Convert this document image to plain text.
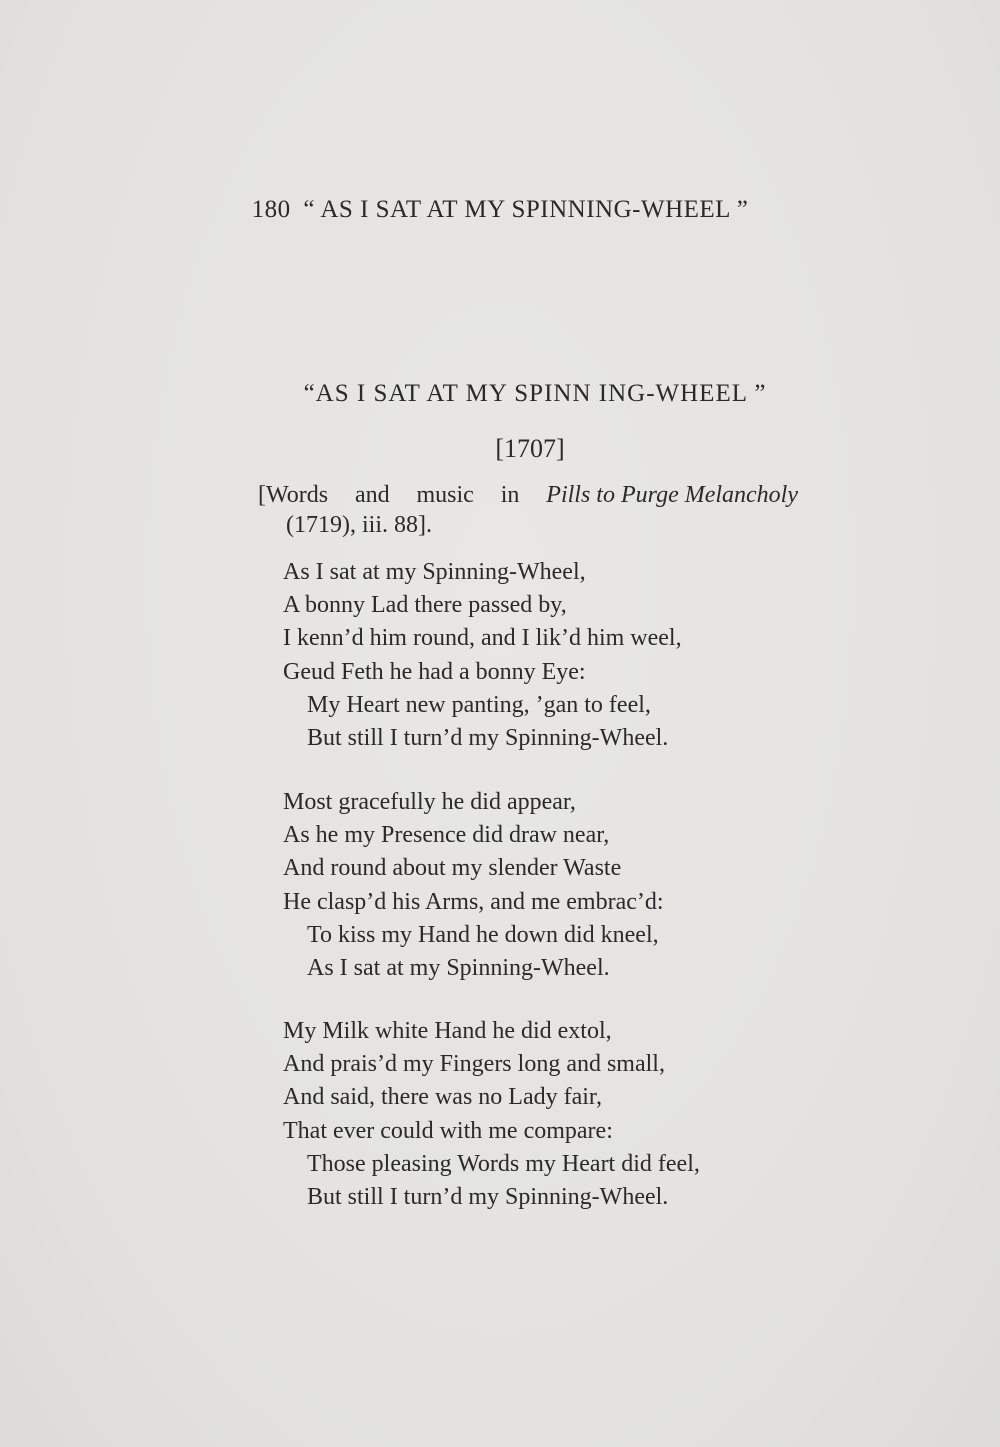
180 “ AS I SAT AT MY SPINNING-WHEEL ”
“AS I SAT AT MY SPINN ING-WHEEL ”
[1707]
[Words and music in Pills to Purge Melancholy
(1719), iii. 88].
As I sat at my Spinning-Wheel,
A bonny Lad there passed by,
I kenn’d him round, and I lik’d him weel,
Geud Feth he had a bonny Eye:
My Heart new panting, ’gan to feel,
But still I turn’d my Spinning-Wheel.
Most gracefully he did appear,
As he my Presence did draw near,
And round about my slender Waste
He clasp’d his Arms, and me embrac’d:
To kiss my Hand he down did kneel,
As I sat at my Spinning-Wheel.
My Milk white Hand he did extol,
And prais’d my Fingers long and small,
And said, there was no Lady fair,
That ever could with me compare:
Those pleasing Words my Heart did feel,
But still I turn’d my Spinning-Wheel.
